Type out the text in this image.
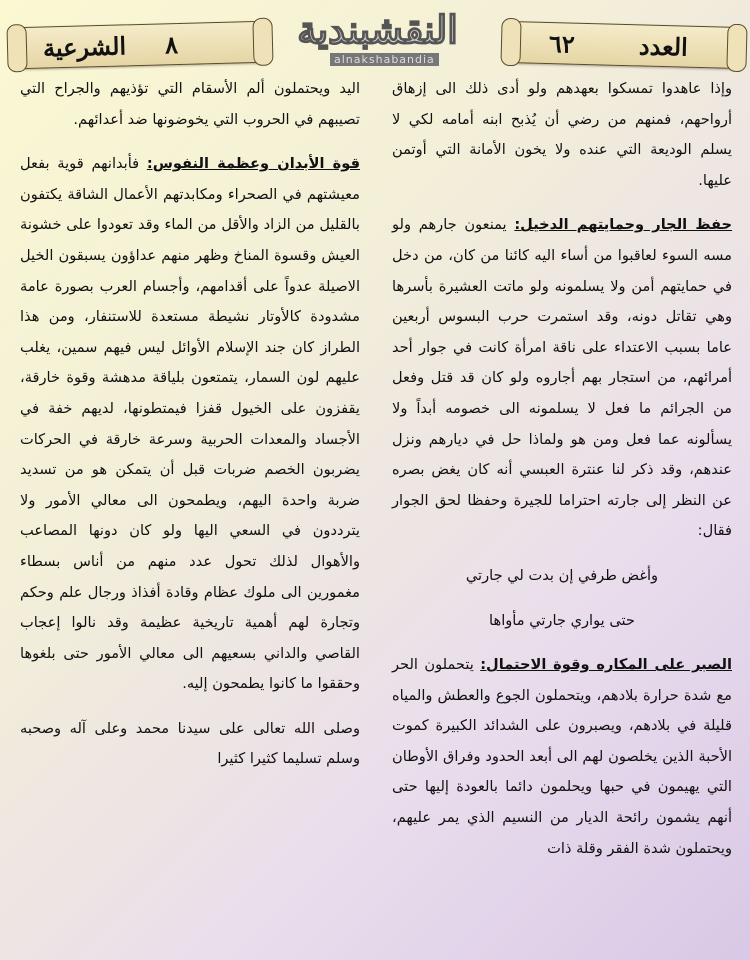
الشرعية ٨	النقشبندية
alnakshabandia
٦٢	العدد

وإذا عاهدوا تمسكوا بعهدهم ولو أدى ذلك الى إزهاق أرواحهم، فمنهم من رضي أن يُذبح ابنه أمامه لكي لا يسلم الوديعة التي عنده ولا يخون الأمانة التي أوتمن عليها.

حفظ الجار وحمايتهم الدخيل: يمنعون جارهم ولو مسه السوء لعاقبوا من أساء اليه كائنا من كان، من دخل في حمايتهم أمن ولا يسلمونه ولو ماتت العشيرة بأسرها وهي تقاتل دونه، وقد استمرت حرب البسوس أربعين عاما بسبب الاعتداء على ناقة امرأة كانت في جوار أحد أمرائهم، من استجار بهم أجاروه ولو كان قد قتل وفعل من الجرائم ما فعل لا يسلمونه الى خصومه أبداً ولا يسألونه عما فعل ومن هو ولماذا حل في ديارهم ونزل عندهم، وقد ذكر لنا عنترة العبسي أنه كان يغض بصره عن النظر إلى جارته احتراما للجيرة وحفظا لحق الجوار فقال:

وأغض طرفي إن بدت لي جارتي

حتى يواري جارتي مأواها

الصبر على المكاره وقوة الاحتمال: يتحملون الحر مع شدة حرارة بلادهم، ويتحملون الجوع والعطش والمياه قليلة في بلادهم، ويصبرون على الشدائد الكبيرة كموت الأحبة الذين يخلصون لهم الى أبعد الحدود وفراق الأوطان التي يهيمون في حبها ويحلمون دائما بالعودة إليها حتى أنهم يشمون رائحة الديار من النسيم الذي يمر عليهم، ويحتملون شدة الفقر وقلة ذات

اليد ويحتملون ألم الأسقام التي تؤذيهم والجراح التي تصيبهم في الحروب التي يخوضونها ضد أعدائهم.

قوة الأبدان وعظمة النفوس: فأبدانهم قوية بفعل معيشتهم في الصحراء ومكابدتهم الأعمال الشاقة يكتفون بالقليل من الزاد والأقل من الماء وقد تعودوا على خشونة العيش وقسوة المناخ وظهر منهم عداؤون يسبقون الخيل الاصيلة عدواً على أقدامهم، وأجسام العرب بصورة عامة مشدودة كالأوتار نشيطة مستعدة للاستنفار، ومن هذا الطراز كان جند الإسلام الأوائل ليس فيهم سمين، يغلب عليهم لون السمار، يتمتعون بلياقة مدهشة وقوة خارقة، يقفزون على الخيول قفزا فيمتطونها، لديهم خفة في الأجساد والمعدات الحربية وسرعة خارقة في الحركات يضربون الخصم ضربات قبل أن يتمكن هو من تسديد ضربة واحدة اليهم، ويطمحون الى معالي الأمور ولا يترددون في السعي اليها ولو كان دونها المصاعب والأهوال لذلك تحول عدد منهم من أناس بسطاء مغمورين الى ملوك عظام وقادة أفذاذ ورجال علم وحكم وتجارة لهم أهمية تاريخية عظيمة وقد نالوا إعجاب القاصي والداني بسعيهم الى معالي الأمور حتى بلغوها وحققوا ما كانوا يطمحون إليه.

وصلى الله تعالى على سيدنا محمد وعلى آله وصحبه وسلم تسليما كثيرا كثيرا
